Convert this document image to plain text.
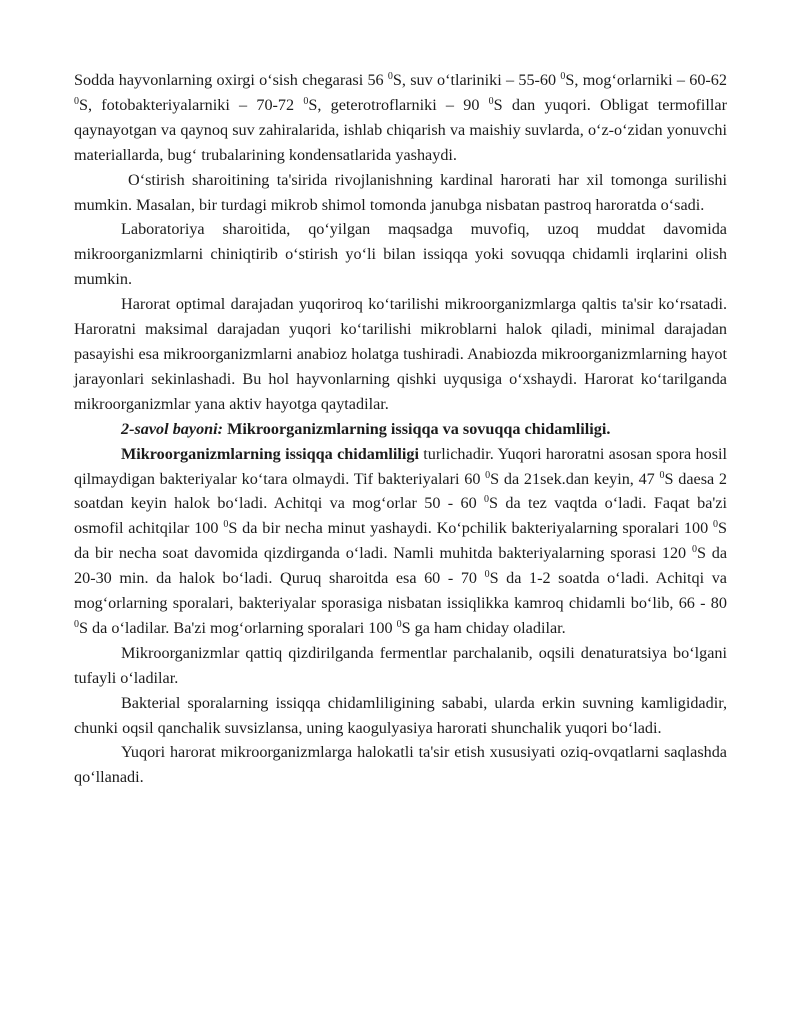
Sodda hayvonlarning oxirgi o‘sish chegarasi 56 $^0$S, suv o‘tlariniki – 55-60 $^0$S, mog‘orlarniki – 60-62 $^0$S, fotobakteriyalarniki – 70-72 $^0$S, geterotroflarniki – 90 $^0$S dan yuqori. Obligat termofillar qaynayotgan va qaynoq suv zahiralarida, ishlab chiqarish va maishiy suvlarda, o‘z-o‘zidan yonuvchi materiallarda, bug‘ trubalarining kondensatlarida yashaydi.

O‘stirish sharoitining ta'sirida rivojlanishning kardinal harorati har xil tomonga surilishi mumkin. Masalan, bir turdagi mikrob shimol tomonda janubga nisbatan pastroq haroratda o‘sadi.

Laboratoriya sharoitida, qo‘yilgan maqsadga muvofiq, uzoq muddat davomida mikroorganizmlarni chiniqtirib o‘stirish yo‘li bilan issiqqa yoki sovuqqa chidamli irqlarini olish mumkin.

Harorat optimal darajadan yuqoriroq ko‘tarilishi mikroorganizmlarga qaltis ta'sir ko‘rsatadi. Haroratni maksimal darajadan yuqori ko‘tarilishi mikroblarni halok qiladi, minimal darajadan pasayishi esa mikroorganizmlarni anabioz holatga tushiradi. Anabiozda mikroorganizmlarning hayot jarayonlari sekinlashadi. Bu hol hayvonlarning qishki uyqusiga o‘xshaydi. Harorat ko‘tarilganda mikroorganizmlar yana aktiv hayotga qaytadilar.

2-savol bayoni: Mikroorganizmlarning issiqqa va sovuqqa chidamliligi.

Mikroorganizmlarning issiqqa chidamliligi turlichadir. Yuqori haroratni asosan spora hosil qilmaydigan bakteriyalar ko‘tara olmaydi. Tif bakteriyalari 60 $^0$S da 21sek.dan keyin, 47 $^0$S daesa 2 soatdan keyin halok bo‘ladi. Achitqi va mog‘orlar 50 - 60 $^0$S da tez vaqtda o‘ladi. Faqat ba'zi osmofil achitqilar 100 $^0$S da bir necha minut yashaydi. Ko‘pchilik bakteriyalarning sporalari 100 $^0$S da bir necha soat davomida qizdirganda o‘ladi. Namli muhitda bakteriyalarning sporasi 120 $^0$S da 20-30 min. da halok bo‘ladi. Quruq sharoitda esa 60 - 70 $^0$S da 1-2 soatda o‘ladi. Achitqi va mog‘orlarning sporalari, bakteriyalar sporasiga nisbatan issiqlikka kamroq chidamli bo‘lib, 66 - 80 $^0$S da o‘ladilar. Ba'zi mog‘orlarning sporalari 100 $^0$S ga ham chiday oladilar.

Mikroorganizmlar qattiq qizdirilganda fermentlar parchalanib, oqsili denaturatsiya bo‘lgani tufayli o‘ladilar.

Bakterial sporalarning issiqqa chidamliligining sababi, ularda erkin suvning kamligidadir, chunki oqsil qanchalik suvsizlansa, uning kaogulyasiya harorati shunchalik yuqori bo‘ladi.

Yuqori harorat mikroorganizmlarga halokatli ta'sir etish xususiyati oziq-ovqatlarni saqlashda qo‘llanadi.
